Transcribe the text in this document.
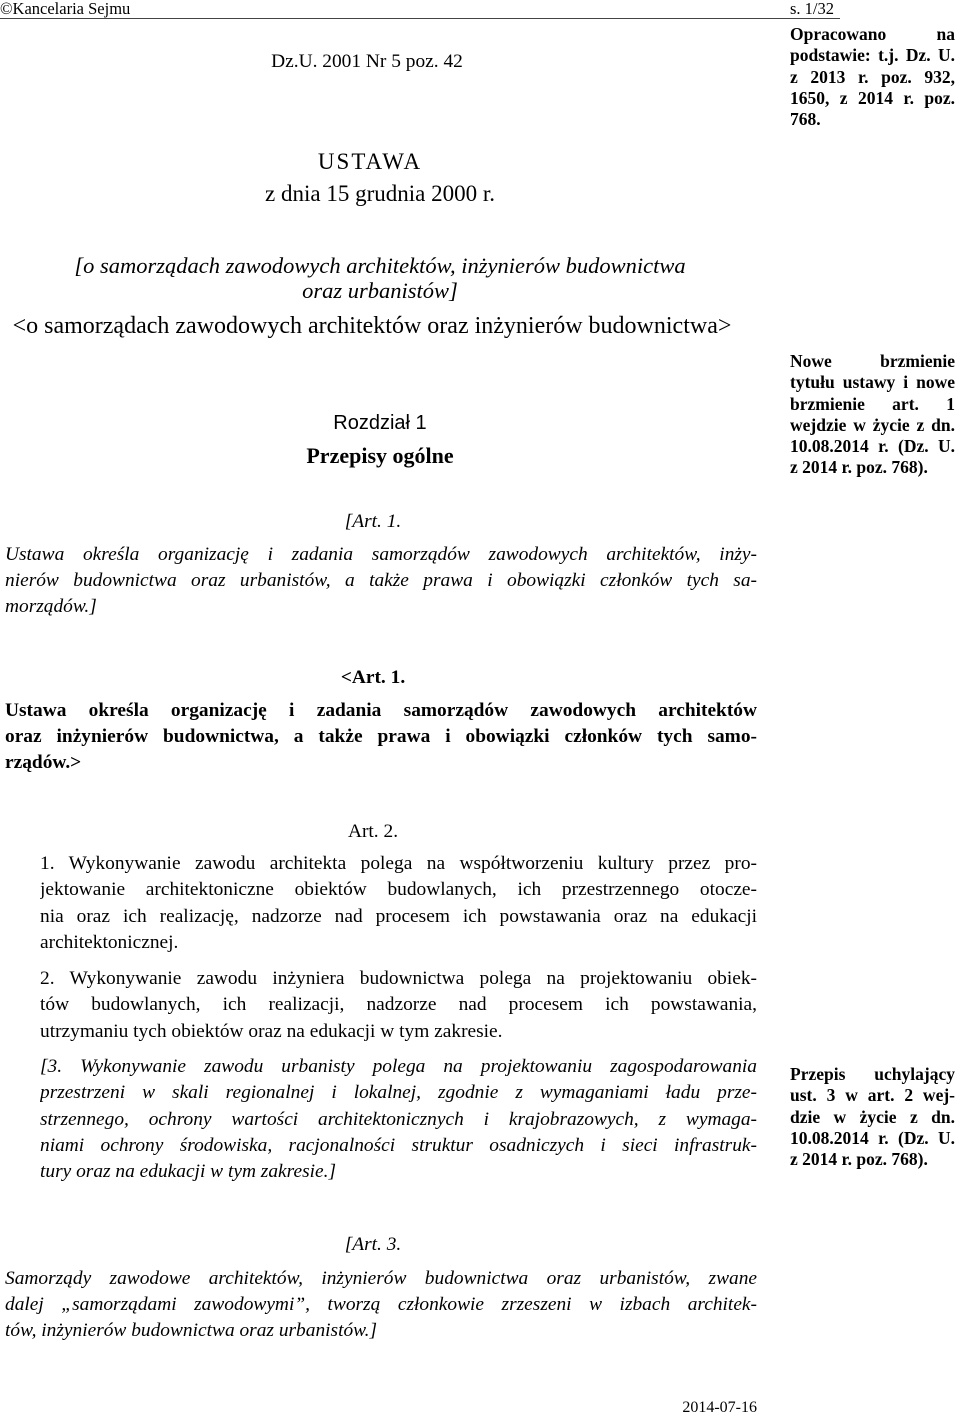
©Kancelaria Sejmu	s. 1/32
Dz.U. 2001 Nr 5 poz. 42
Opracowano na
podstawie: t.j. Dz. U.
z 2013 r. poz. 932,
1650, z 2014 r. poz.
768.
USTAWA
z dnia 15 grudnia 2000 r.
[o samorządach zawodowych architektów, inżynierów budownictwa
oraz urbanistów]
<o samorządach zawodowych architektów oraz inżynierów budownictwa>
Nowe brzmienie
tytułu ustawy i nowe
brzmienie art. 1
wejdzie w życie z dn.
10.08.2014 r. (Dz. U.
z 2014 r. poz. 768).
Rozdział 1
Przepisy ogólne
[Art. 1.
Ustawa określa organizację i zadania samorządów zawodowych architektów, inży-
nierów budownictwa oraz urbanistów, a także prawa i obowiązki członków tych sa-
morządów.]
<Art. 1.
Ustawa określa organizację i zadania samorządów zawodowych architektów
oraz inżynierów budownictwa, a także prawa i obowiązki członków tych samo-
rządów.>
Art. 2.
1. Wykonywanie zawodu architekta polega na współtworzeniu kultury przez pro-
jektowanie architektoniczne obiektów budowlanych, ich przestrzennego otocze-
nia oraz ich realizację, nadzorze nad procesem ich powstawania oraz na edukacji
architektonicznej.
2. Wykonywanie zawodu inżyniera budownictwa polega na projektowaniu obiek-
tów budowlanych, ich realizacji, nadzorze nad procesem ich powstawania,
utrzymaniu tych obiektów oraz na edukacji w tym zakresie.
[3. Wykonywanie zawodu urbanisty polega na projektowaniu zagospodarowania
przestrzeni w skali regionalnej i lokalnej, zgodnie z wymaganiami ładu prze-
strzennego, ochrony wartości architektonicznych i krajobrazowych, z wymaga-
niami ochrony środowiska, racjonalności struktur osadniczych i sieci infrastruk-
tury oraz na edukacji w tym zakresie.]
Przepis uchylający
ust. 3 w art. 2 wej-
dzie w życie z dn.
10.08.2014 r. (Dz. U.
z 2014 r. poz. 768).
[Art. 3.
Samorządy zawodowe architektów, inżynierów budownictwa oraz urbanistów, zwane
dalej „samorządami zawodowymi”, tworzą członkowie zrzeszeni w izbach architek-
tów, inżynierów budownictwa oraz urbanistów.]
2014-07-16
